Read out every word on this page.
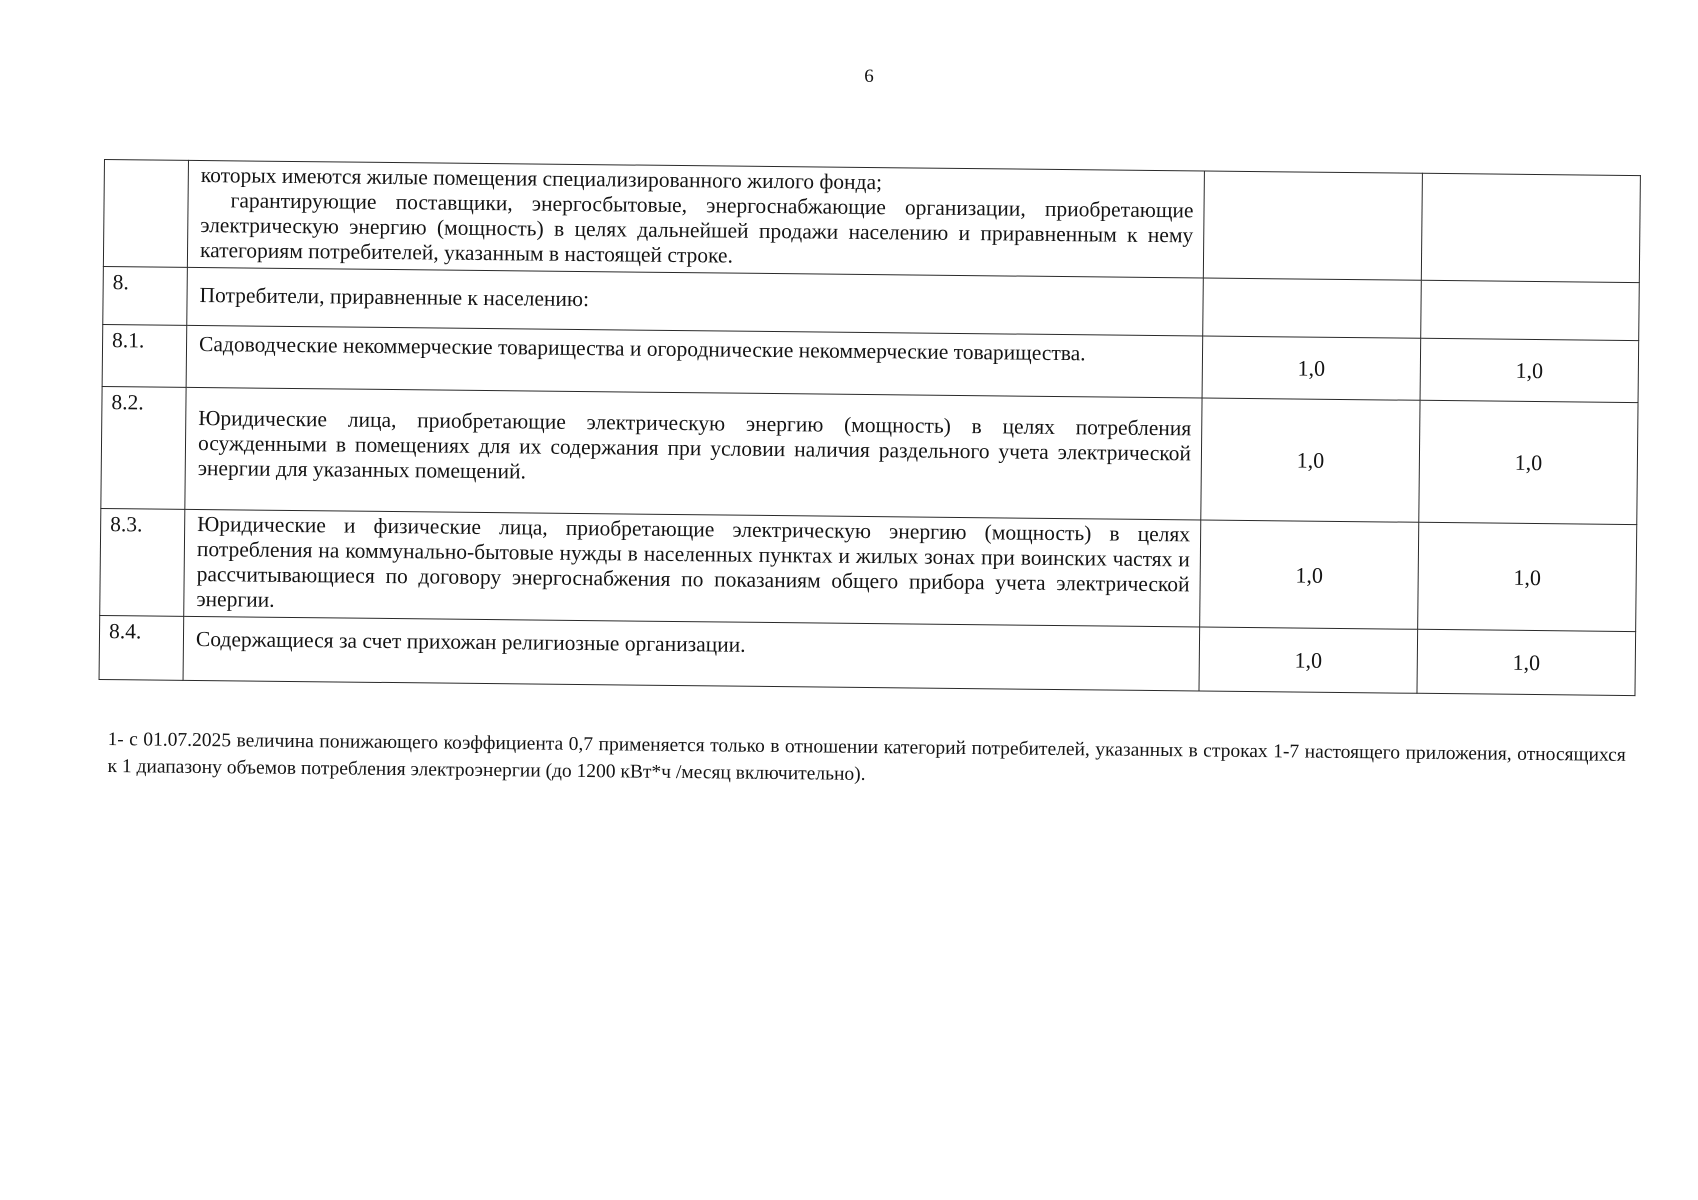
6

	которых имеются жилые помещения специализированного жилого фонда;

гарантирующие поставщики, энергосбытовые, энергоснабжающие организации, приобретающие электрическую энергию (мощность) в целях дальнейшей продажи населению и приравненным к нему категориям потребителей, указанным в настоящей строке.		

8.	Потребители, приравненные к населению:		
8.1.	Садоводческие некоммерческие товарищества и огороднические некоммерческие товарищества.	1,0	1,0
8.2.	Юридические лица, приобретающие электрическую энергию (мощность) в целях потребления осужденными в помещениях для их содержания при условии наличия раздельного учета электрической энергии для указанных помещений.	1,0	1,0
8.3.	Юридические и физические лица, приобретающие электрическую энергию (мощность) в целях потребления на коммунально-бытовые нужды в населенных пунктах и жилых зонах при воинских частях и рассчитывающиеся по договору энергоснабжения по показаниям общего прибора учета электрической энергии.	1,0	1,0
8.4.	Содержащиеся за счет прихожан религиозные организации.	1,0	1,0
1- с 01.07.2025 величина понижающего коэффициента 0,7 применяется только в отношении категорий потребителей, указанных в строках 1-7 настоящего приложения, относящихся к 1 диапазону объемов потребления электроэнергии (до 1200 кВт*ч /месяц включительно).
